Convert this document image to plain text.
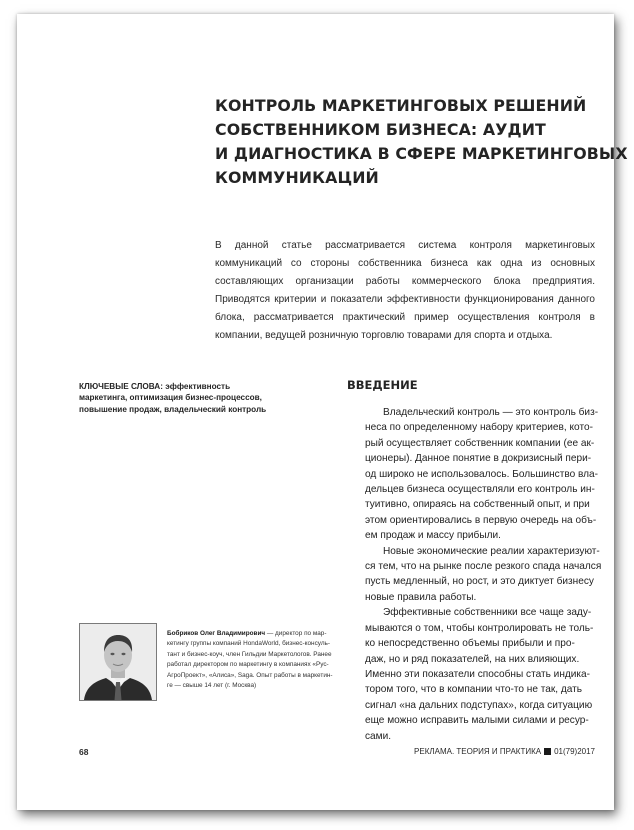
КОНТРОЛЬ МАРКЕТИНГОВЫХ РЕШЕНИЙ
СОБСТВЕННИКОМ БИЗНЕСА: АУДИТ
И ДИАГНОСТИКА В СФЕРЕ МАРКЕТИНГОВЫХ
КОММУНИКАЦИЙ

В данной статье рассматривается система контроля маркетинговых коммуникаций со стороны собственника бизнеса как одна из основных составляющих организации работы коммерческого блока предприятия. Приводятся критерии и показатели эффективности функционирования данного блока, рассматривается практический пример осуществления контроля в компании, ведущей розничную торговлю товарами для спорта и отдыха.

КЛЮЧЕВЫЕ СЛОВА: эффективность маркетинга, оптимизация бизнес-процессов, повышение продаж, владельческий контроль

ВВЕДЕНИЕ

Владельческий контроль — это контроль биз-
неса по определенному набору критериев, кото-
рый осуществляет собственник компании (ее ак-
ционеры). Данное понятие в докризисный пери-
од широко не использовалось. Большинство вла-
дельцев бизнеса осуществляли его контроль ин-
туитивно, опираясь на собственный опыт, и при
этом ориентировались в первую очередь на объ-
ем продаж и массу прибыли.

Новые экономические реалии характеризуют-
ся тем, что на рынке после резкого спада начался
пусть медленный, но рост, и это диктует бизнесу
новые правила работы.

Эффективные собственники все чаще заду-
мываются о том, чтобы контролировать не толь-
ко непосредственно объемы прибыли и про-
даж, но и ряд показателей, на них влияющих.
Именно эти показатели способны стать индика-
тором того, что в компании что-то не так, дать
сигнал «на дальних подступах», когда ситуацию
еще можно исправить малыми силами и ресур-
сами.

Бобриков Олег Владимирович — директор по мар-
кетингу группы компаний HondaWorld, бизнес-консуль-
тант и бизнес-коуч, член Гильдии Маркетологов. Ранее
работал директором по маркетингу в компаниях «Рус-
АгроПроект», «Алиса», Saga. Опыт работы в маркетин-
ге — свыше 14 лет (г. Москва)

68	РЕКЛАМА. ТЕОРИЯ И ПРАКТИКА 01(79)2017
